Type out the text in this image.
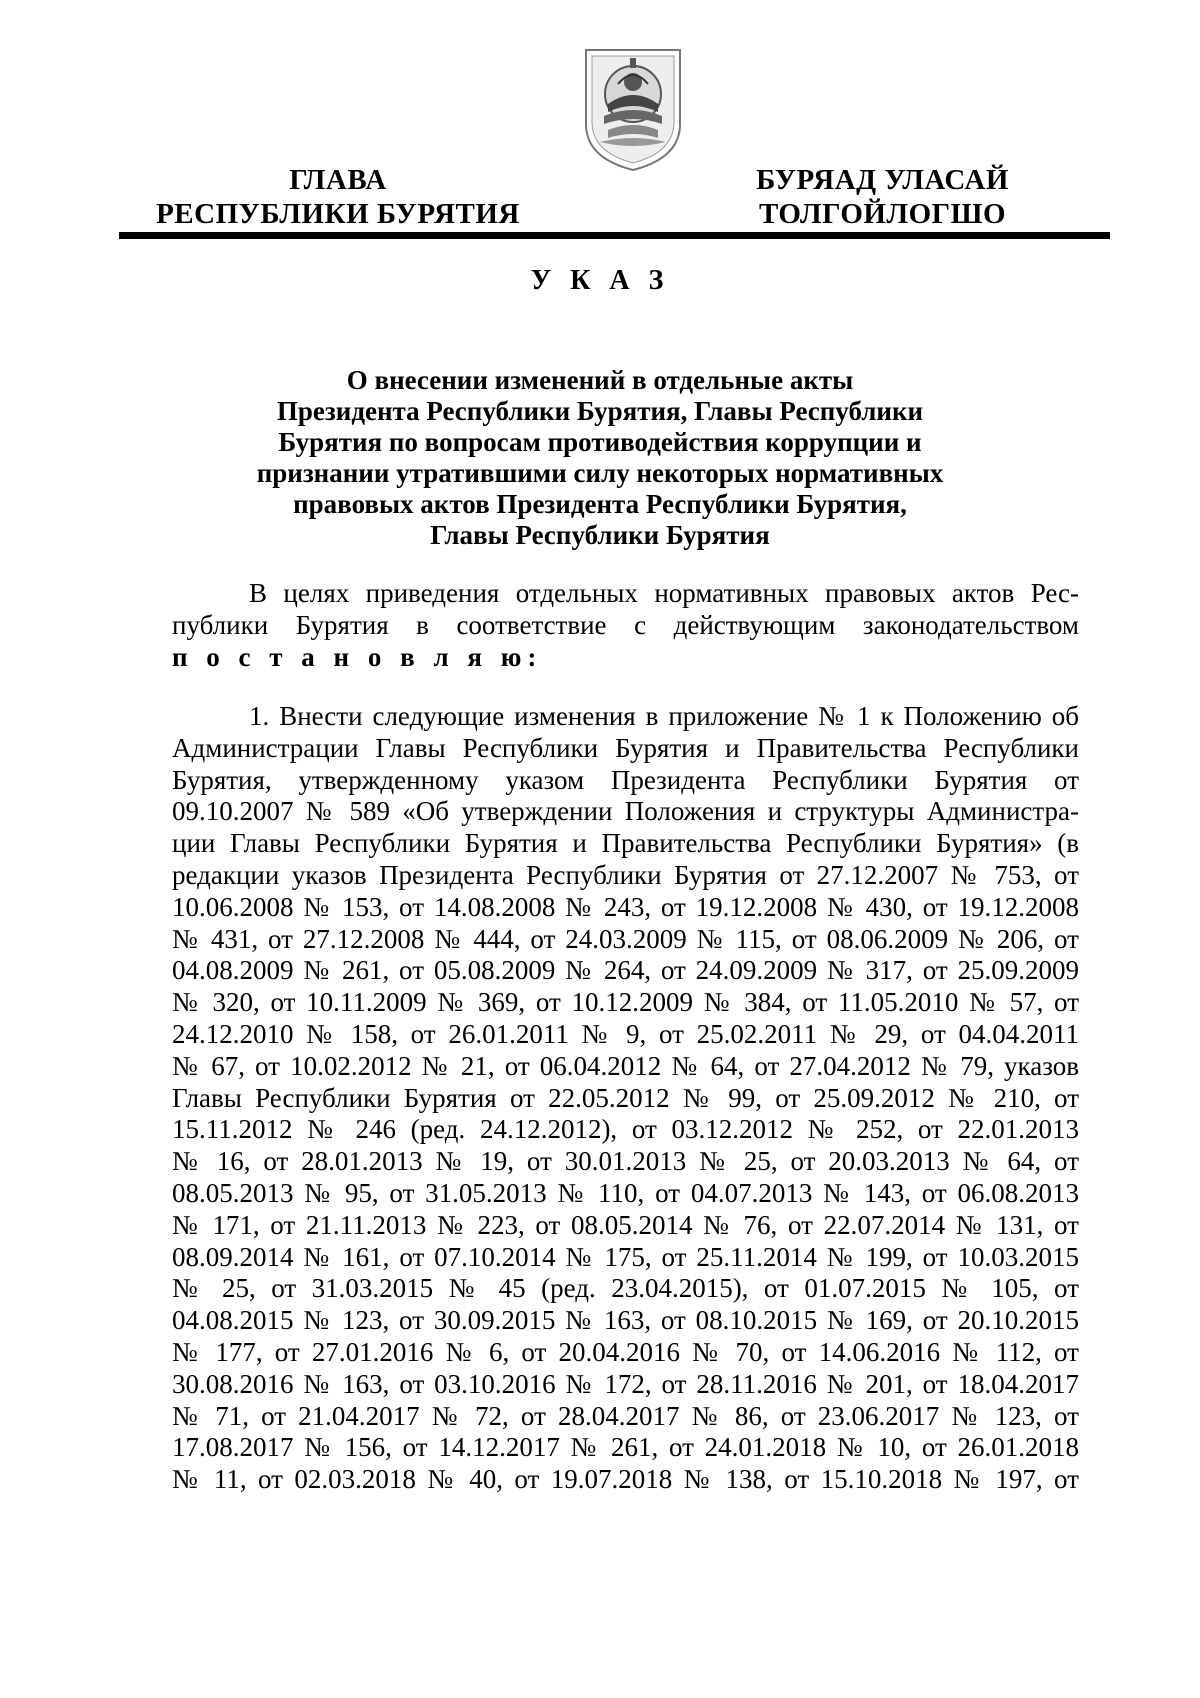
ГЛАВА
РЕСПУБЛИКИ БУРЯТИЯ
БУРЯАД УЛАСАЙ
ТОЛГОЙЛОГШО
У К А З
О внесении изменений в отдельные акты
Президента Республики Бурятия, Главы Республики
Бурятия по вопросам противодействия коррупции и
признании утратившими силу некоторых нормативных
правовых актов Президента Республики Бурятия,
Главы Республики Бурятия
В целях приведения отдельных нормативных правовых актов Рес-
публики Бурятия в соответствие с действующим законодательством
п о с т а н о в л я ю:
1. Внести следующие изменения в приложение № 1 к Положению об
Администрации Главы Республики Бурятия и Правительства Республики
Бурятия, утвержденному указом Президента Республики Бурятия от
09.10.2007 № 589 «Об утверждении Положения и структуры Администра-
ции Главы Республики Бурятия и Правительства Республики Бурятия» (в
редакции указов Президента Республики Бурятия от 27.12.2007 № 753, от
10.06.2008 № 153, от 14.08.2008 № 243, от 19.12.2008 № 430, от 19.12.2008
№ 431, от 27.12.2008 № 444, от 24.03.2009 № 115, от 08.06.2009 № 206, от
04.08.2009 № 261, от 05.08.2009 № 264, от 24.09.2009 № 317, от 25.09.2009
№ 320, от 10.11.2009 № 369, от 10.12.2009 № 384, от 11.05.2010 № 57, от
24.12.2010 № 158, от 26.01.2011 № 9, от 25.02.2011 № 29, от 04.04.2011
№ 67, от 10.02.2012 № 21, от 06.04.2012 № 64, от 27.04.2012 № 79, указов
Главы Республики Бурятия от 22.05.2012 № 99, от 25.09.2012 № 210, от
15.11.2012 № 246 (ред. 24.12.2012), от 03.12.2012 № 252, от 22.01.2013
№ 16, от 28.01.2013 № 19, от 30.01.2013 № 25, от 20.03.2013 № 64, от
08.05.2013 № 95, от 31.05.2013 № 110, от 04.07.2013 № 143, от 06.08.2013
№ 171, от 21.11.2013 № 223, от 08.05.2014 № 76, от 22.07.2014 № 131, от
08.09.2014 № 161, от 07.10.2014 № 175, от 25.11.2014 № 199, от 10.03.2015
№ 25, от 31.03.2015 № 45 (ред. 23.04.2015), от 01.07.2015 № 105, от
04.08.2015 № 123, от 30.09.2015 № 163, от 08.10.2015 № 169, от 20.10.2015
№ 177, от 27.01.2016 № 6, от 20.04.2016 № 70, от 14.06.2016 № 112, от
30.08.2016 № 163, от 03.10.2016 № 172, от 28.11.2016 № 201, от 18.04.2017
№ 71, от 21.04.2017 № 72, от 28.04.2017 № 86, от 23.06.2017 № 123, от
17.08.2017 № 156, от 14.12.2017 № 261, от 24.01.2018 № 10, от 26.01.2018
№ 11, от 02.03.2018 № 40, от 19.07.2018 № 138, от 15.10.2018 № 197, от
